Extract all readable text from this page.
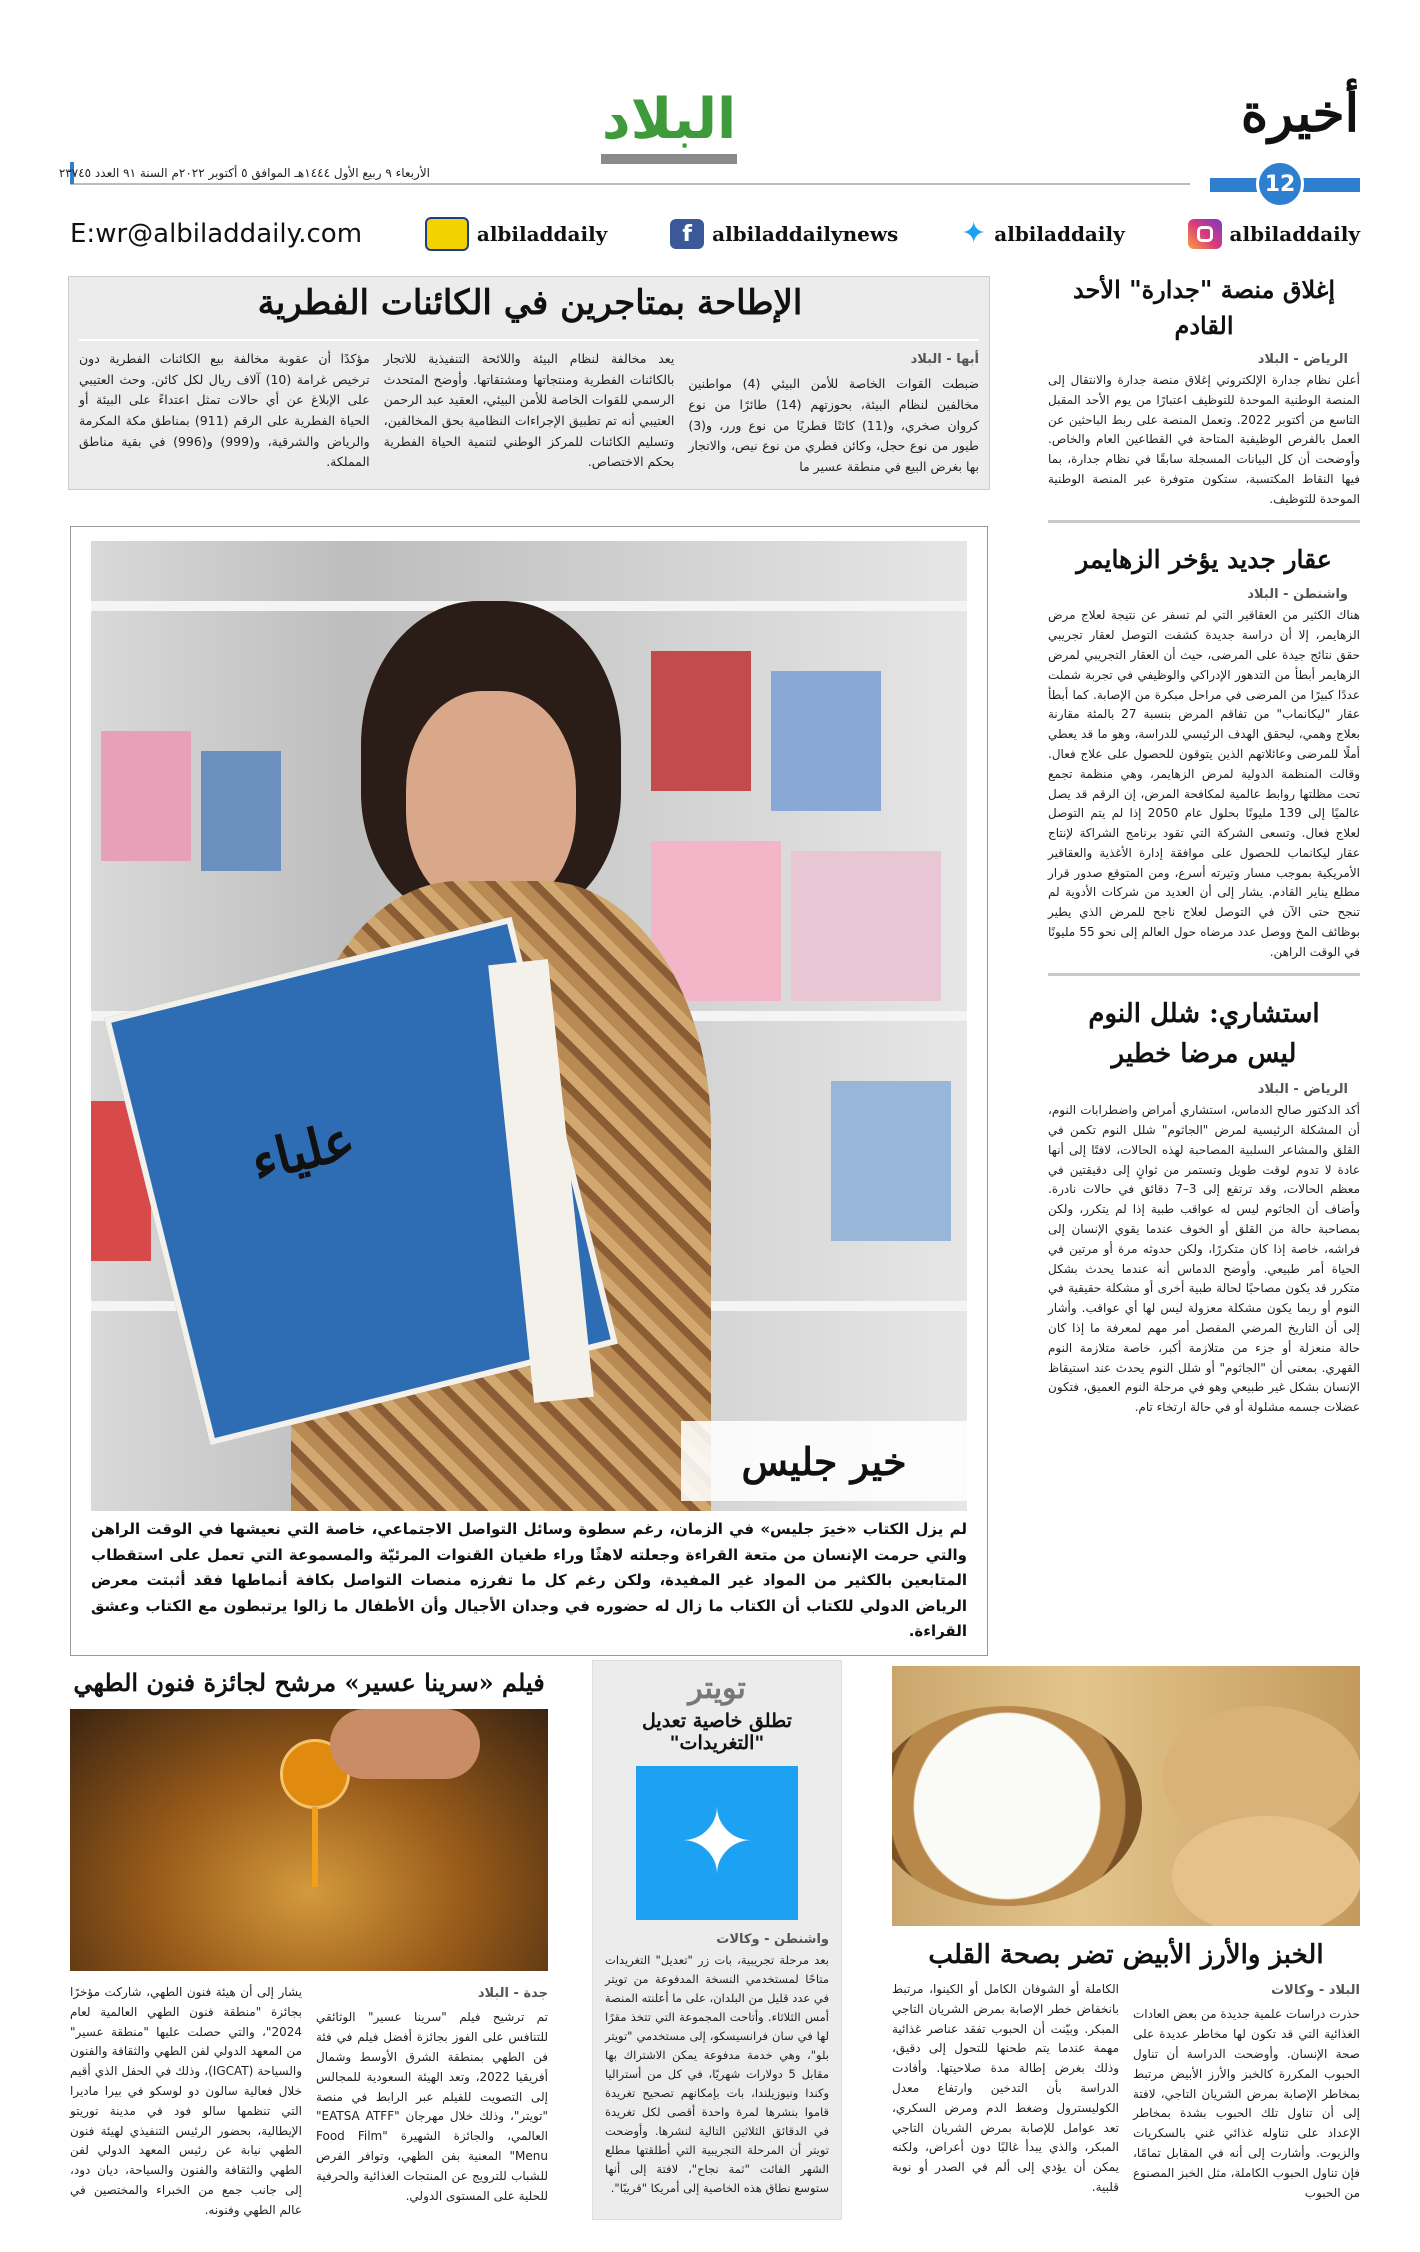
أخيرة
12
البلاد
الأربعاء ٩ ربيع الأول ١٤٤٤هـ الموافق ٥ أكتوبر ٢٠٢٢م السنة ٩١ العدد ٢٣٧٤٥
albiladdaily
✦ albiladdaily
f	albiladdailynews
albiladdaily
E:wr@albiladdaily.com
الإطاحة بمتاجرين في الكائنات الفطرية
أبها - البلاد

ضبطت القوات الخاصة للأمن البيئي (4) مواطنين مخالفين لنظام البيئة، بحوزتهم (14) طائرًا من نوع كروان صخري، و(11) كائنًا فطريًا من نوع ورر، و(3) طيور من نوع حجل، وكائن فطري من نوع نيص، والاتجار بها بغرض البيع في منطقة عسير ما

يعد مخالفة لنظام البيئة واللائحة التنفيذية للاتجار بالكائنات الفطرية ومنتجاتها ومشتقاتها. وأوضح المتحدث الرسمي للقوات الخاصة للأمن البيئي، العقيد عبد الرحمن العتيبي أنه تم تطبيق الإجراءات النظامية بحق المخالفين، وتسليم الكائنات للمركز الوطني لتنمية الحياة الفطرية بحكم الاختصاص.

مؤكدًا أن عقوبة مخالفة بيع الكائنات الفطرية دون ترخيص غرامة (10) آلاف ريال لكل كائن. وحث العتيبي على الإبلاغ عن أي حالات تمثل اعتداءً على البيئة أو الحياة الفطرية على الرقم (911) بمناطق مكة المكرمة والرياض والشرقية، و(999) و(996) في بقية مناطق المملكة.

علياء
خير جليس

لم يزل الكتاب «خيرَ جليس» في الزمان، رغم سطوة وسائل التواصل الاجتماعي، خاصة التي نعيشها في الوقت الراهن والتي حرمت الإنسان من متعة القراءة وجعلته لاهثًا وراء طغيان القنوات المرئيّة والمسموعة التي تعمل على استقطاب المتابعين بالكثير من المواد غير المفيدة، ولكن رغم كل ما تفرزه منصات التواصل بكافة أنماطها فقد أثبتت معرض الرياض الدولي للكتاب أن الكتاب ما زال له حضوره في وجدان الأجيال وأن الأطفال ما زالوا يرتبطون مع الكتاب وعشق القراءة.

إغلاق منصة "جدارة" الأحد القادم
الرياض - البلاد

أعلن نظام جدارة الإلكتروني إغلاق منصة جدارة والانتقال إلى المنصة الوطنية الموحدة للتوظيف اعتبارًا من يوم الأحد المقبل التاسع من أكتوبر 2022. وتعمل المنصة على ربط الباحثين عن العمل بالفرص الوظيفية المتاحة في القطاعين العام والخاص. وأوضحت أن كل البيانات المسجلة سابقًا في نظام جدارة، بما فيها النقاط المكتسبة، ستكون متوفرة عبر المنصة الوطنية الموحدة للتوظيف.

عقار جديد يؤخر الزهايمر
واشنطن - البلاد

هناك الكثير من العقاقير التي لم تسفر عن نتيجة لعلاج مرض الزهايمر، إلا أن دراسة جديدة كشفت التوصل لعقار تجريبي حقق نتائج جيدة على المرضى، حيث أن العقار التجريبي لمرض الزهايمر أبطأ من التدهور الإدراكي والوظيفي في تجربة شملت عددًا كبيرًا من المرضى في مراحل مبكرة من الإصابة. كما أبطأ عقار "ليكانماب" من تفاقم المرض بنسبة 27 بالمئة مقارنة بعلاج وهمي، ليحقق الهدف الرئيسي للدراسة، وهو ما قد يعطي أملًا للمرضى وعائلاتهم الذين يتوقون للحصول على علاج فعال. وقالت المنظمة الدولية لمرض الزهايمر، وهي منظمة تجمع تحت مظلتها روابط عالمية لمكافحة المرض، إن الرقم قد يصل عالميًا إلى 139 مليونًا بحلول عام 2050 إذا لم يتم التوصل لعلاج فعال. وتسعى الشركة التي تقود برنامج الشراكة لإنتاج عقار ليكانماب للحصول على موافقة إدارة الأغذية والعقاقير الأمريكية بموجب مسار وتيرته أسرع، ومن المتوقع صدور قرار مطلع يناير القادم. يشار إلى أن العديد من شركات الأدوية لم تنجح حتى الآن في التوصل لعلاج ناجح للمرض الذي يطير بوظائف المخ ووصل عدد مرضاه حول العالم إلى نحو 55 مليونًا في الوقت الراهن.

استشاري: شلل النوم ليس مرضا خطير
الرياض - البلاد

أكد الدكتور صالح الدماس، استشاري أمراض واضطرابات النوم، أن المشكلة الرئيسية لمرض "الجاثوم" شلل النوم تكمن في القلق والمشاعر السلبية المصاحبة لهذه الحالات، لافتًا إلى أنها عادة لا تدوم لوقت طويل وتستمر من ثوانٍ إلى دقيقتين في معظم الحالات، وقد ترتفع إلى 3–7 دقائق في حالات نادرة. وأضاف أن الجاثوم ليس له عواقب طبية إذا لم يتكرر، ولكن بمصاحبة حالة من القلق أو الخوف عندما يقوي الإنسان إلى فراشه، خاصة إذا كان متكررًا، ولكن حدوثه مرة أو مرتين في الحياة أمر طبيعي. وأوضح الدماس أنه عندما يحدث بشكل متكرر قد يكون مصاحبًا لحالة طبية أخرى أو مشكلة حقيقية في النوم أو ربما يكون مشكلة معزولة ليس لها أي عواقب. وأشار إلى أن التاريخ المرضي المفصل أمر مهم لمعرفة ما إذا كان حالة منعزلة أو جزء من متلازمة أكبر، خاصة متلازمة النوم القهري. بمعنى أن "الجاثوم" أو شلل النوم يحدث عند استيقاظ الإنسان بشكل غير طبيعي وهو في مرحلة النوم العميق، فتكون عضلات جسمه مشلولة أو في حالة ارتخاء تام.

فيلم «سرينا عسير» مرشح لجائزة فنون الطهي
جدة - البلاد

تم ترشيح فيلم "سرينا عسير" الوثائقي للتنافس على الفوز بجائزة أفضل فيلم في فئة فن الطهي بمنطقة الشرق الأوسط وشمال أفريقيا 2022، وتعد الهيئة السعودية للمجالس إلى التصويت للفيلم عبر الرابط في منصة "تويتر"، وذلك خلال مهرجان "EATSA ATFF" العالمي، والجائزة الشهيرة "Food Film Menu" المعنية بفن الطهي، وتوافر الفرص للشباب للترويج عن المنتجات الغذائية والحرفية للحلية على المستوى الدولي.

يشار إلى أن هيئة فنون الطهي، شاركت مؤخرًا بجائزة "منطقة فنون الطهي العالمية لعام 2024"، والتي حصلت عليها "منطقة عسير" من المعهد الدولي لفن الطهي والثقافة والفنون والسياحة (IGCAT)، وذلك في الحفل الذي أقيم خلال فعالية سالون دو لوسكو في بيرا ماديرا التي تنظمها سالو فود في مدينة توريتو الإيطالية، بحضور الرئيس التنفيذي لهيئة فنون الطهي نيابة عن رئيس المعهد الدولي لفن الطهي والثقافة والفنون والسياحة، ديان دود، إلى جانب جمع من الخبراء والمختصين في عالم الطهي وفنونه.

تويتر
تطلق خاصية تعديل "التغريدات"
✦
واشنطن - وكالات

بعد مرحلة تجريبية، بات زر "تعديل" التغريدات متاحًا لمستخدمي النسخة المدفوعة من تويتر في عدد قليل من البلدان، على ما أعلنته المنصة أمس الثلاثاء. وأتاحت المجموعة التي تتخذ مقرًا لها في سان فرانسيسكو، إلى مستخدمي "تويتر بلو"، وهي خدمة مدفوعة يمكن الاشتراك بها مقابل 5 دولارات شهريًا، في كل من أستراليا وكندا ونيوزيلندا، بات بإمكانهم تصحيح تغريدة قاموا بنشرها لمرة واحدة أقصى لكل تغريدة في الدقائق الثلاثين التالية لنشرها. وأوضحت تويتر أن المرحلة التجريبية التي أطلقتها مطلع الشهر الفائت "ثمة نجاح"، لافتة إلى أنها ستوسع نطاق هذه الخاصية إلى أمريكا "قريبًا".

الخبز والأرز الأبيض تضر بصحة القلب
البلاد - وكالات

حذرت دراسات علمية جديدة من بعض العادات الغذائية التي قد تكون لها مخاطر عديدة على صحة الإنسان. وأوضحت الدراسة أن تناول الحبوب المكررة كالخبز والأرز الأبيض مرتبط بمخاطر الإصابة بمرض الشريان التاجي، لافتة إلى أن تناول تلك الحبوب بشدة بمخاطر الإعداد على تناوله غذائي غني بالسكريات والزيوت. وأشارت إلى أنه في المقابل تمامًا، فإن تناول الحبوب الكاملة، مثل الخبز المصنوع من الحبوب

الكاملة أو الشوفان الكامل أو الكينوا، مرتبط بانخفاض خطر الإصابة بمرض الشريان التاجي المبكر. وبيّنت أن الحبوب تفقد عناصر غذائية مهمة عندما يتم طحنها للتحول إلى دقيق، وذلك بغرض إطالة مدة صلاحيتها. وأفادت الدراسة بأن التدخين وارتفاع معدل الكوليسترول وضغط الدم ومرض السكري، تعد عوامل للإصابة بمرض الشريان التاجي المبكر، والذي يبدأ غالبًا دون أعراض، ولكنه يمكن أن يؤدي إلى ألم في الصدر أو نوبة قلبية.
